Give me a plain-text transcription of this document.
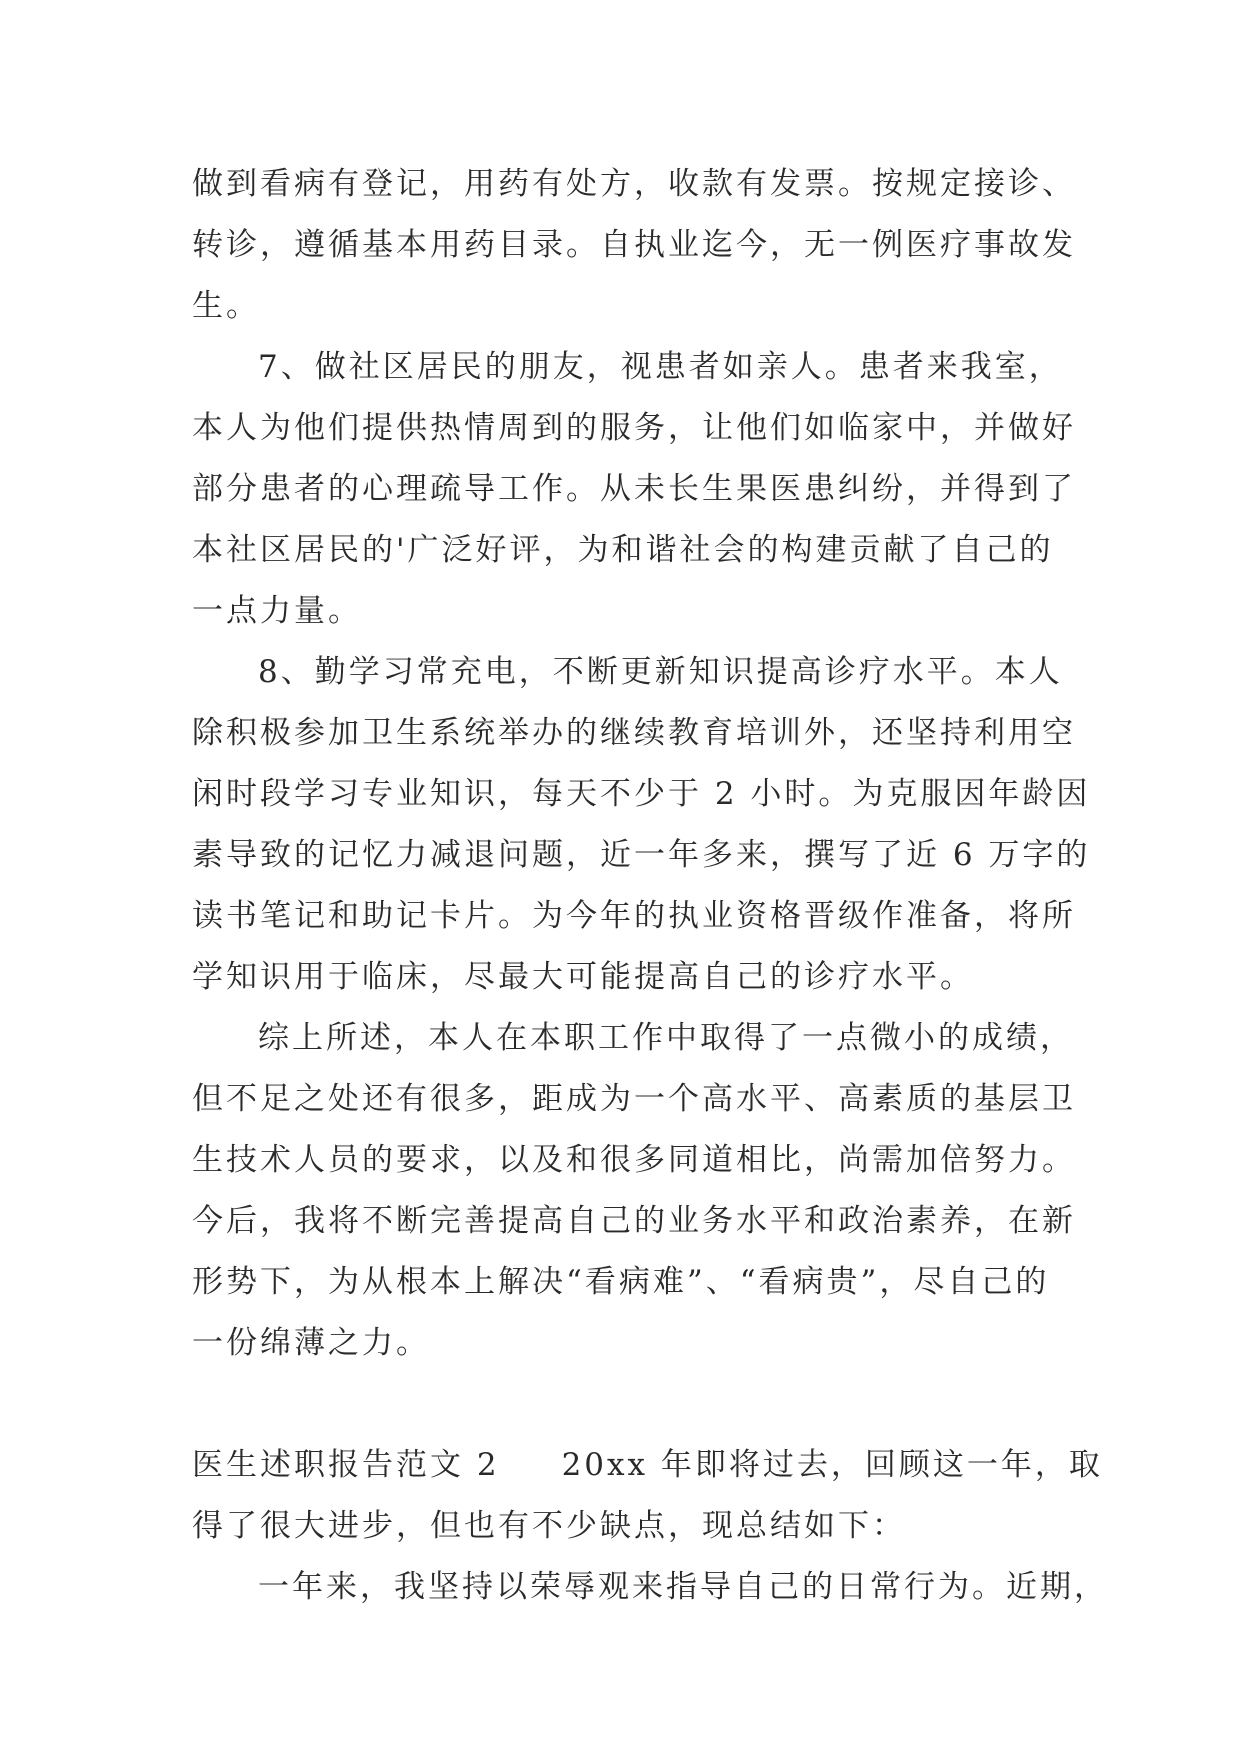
做到看病有登记，用药有处方，收款有发票。按规定接诊、
转诊，遵循基本用药目录。自执业迄今，无一例医疗事故发
生。
7、做社区居民的朋友，视患者如亲人。患者来我室，
本人为他们提供热情周到的服务，让他们如临家中，并做好
部分患者的心理疏导工作。从未长生果医患纠纷，并得到了
本社区居民的'广泛好评，为和谐社会的构建贡献了自己的
一点力量。
8、勤学习常充电，不断更新知识提高诊疗水平。本人
除积极参加卫生系统举办的继续教育培训外，还坚持利用空
闲时段学习专业知识，每天不少于 2 小时。为克服因年龄因
素导致的记忆力减退问题，近一年多来，撰写了近 6 万字的
读书笔记和助记卡片。为今年的执业资格晋级作准备，将所
学知识用于临床，尽最大可能提高自己的诊疗水平。
综上所述，本人在本职工作中取得了一点微小的成绩，
但不足之处还有很多，距成为一个高水平、高素质的基层卫
生技术人员的要求，以及和很多同道相比，尚需加倍努力。
今后，我将不断完善提高自己的业务水平和政治素养，在新
形势下，为从根本上解决“看病难”、“看病贵”，尽自己的
一份绵薄之力。
医生述职报告范文 2 20xx 年即将过去，回顾这一年，取
得了很大进步，但也有不少缺点，现总结如下：
一年来，我坚持以荣辱观来指导自己的日常行为。近期，
